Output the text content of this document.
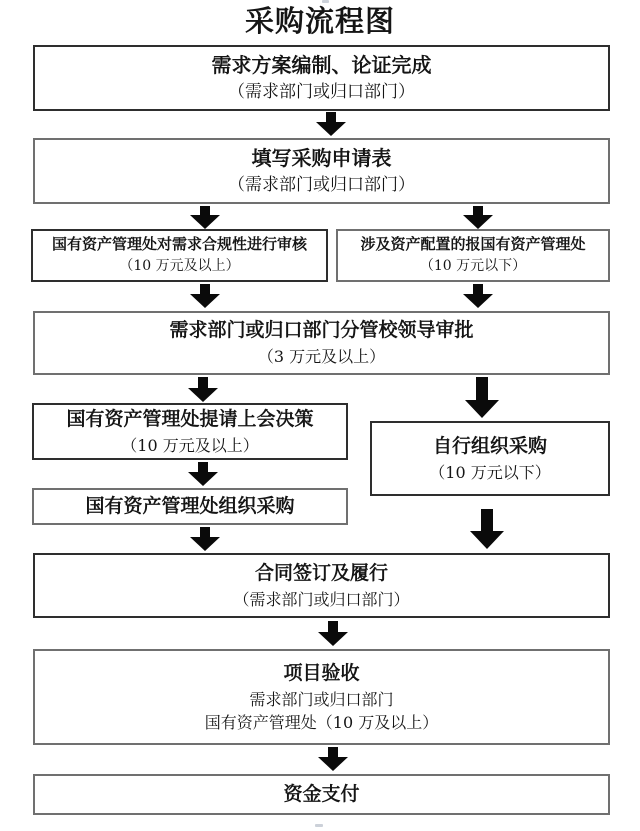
采购流程图
需求方案编制、论证完成
（需求部门或归口部门）
填写采购申请表
（需求部门或归口部门）
国有资产管理处对需求合规性进行审核
（10 万元及以上）
涉及资产配置的报国有资产管理处
（10 万元以下）
需求部门或归口部门分管校领导审批
（3 万元及以上）
国有资产管理处提请上会决策
（10 万元及以上）	自行组织采购
（10 万元以下）
国有资产管理处组织采购
合同签订及履行
（需求部门或归口部门）
项目验收
需求部门或归口部门
国有资产管理处（10 万及以上）
资金支付
